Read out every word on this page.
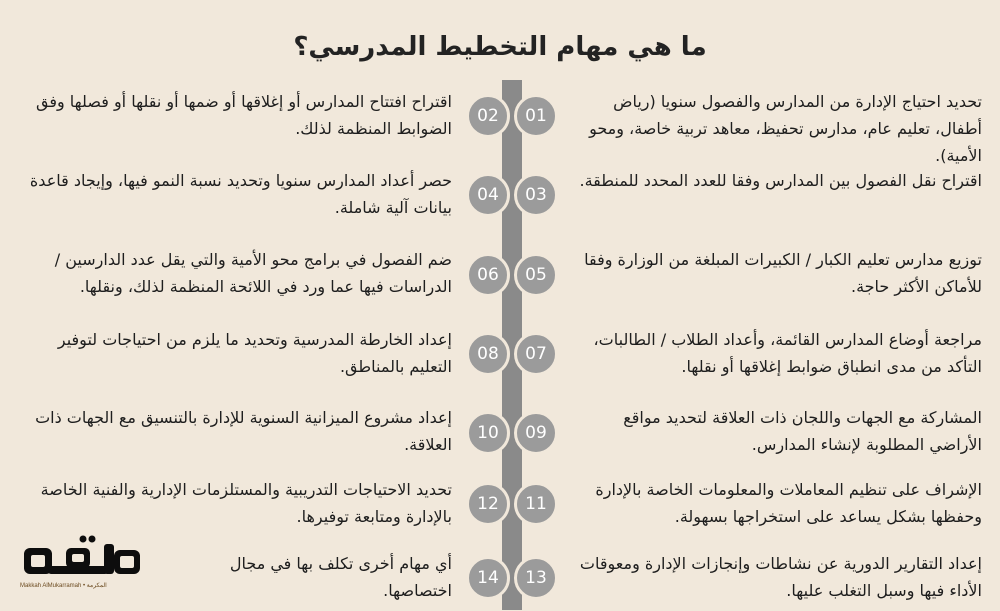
ما هي مهام التخطيط المدرسي؟
01
تحديد احتياج الإدارة من المدارس والفصول سنويا (رياض أطفال، تعليم عام، مدارس تحفيظ، معاهد تربية خاصة، ومحو الأمية).
02
اقتراح افتتاح المدارس أو إغلاقها أو ضمها أو نقلها أو فصلها وفق الضوابط المنظمة لذلك.
03
اقتراح نقل الفصول بين المدارس وفقا للعدد المحدد للمنطقة.
04
حصر أعداد المدارس سنويا وتحديد نسبة النمو فيها، وإيجاد قاعدة بيانات آلية شاملة.
05
توزيع مدارس تعليم الكبار / الكبيرات المبلغة من الوزارة وفقا للأماكن الأكثر حاجة.
06
ضم الفصول في برامج محو الأمية والتي يقل عدد الدارسين / الدراسات فيها عما ورد في اللائحة المنظمة لذلك، ونقلها.
07
مراجعة أوضاع المدارس القائمة، وأعداد الطلاب / الطالبات، التأكد من مدى انطباق ضوابط إغلاقها أو نقلها.
08
إعداد الخارطة المدرسية وتحديد ما يلزم من احتياجات لتوفير التعليم بالمناطق.
09
المشاركة مع الجهات واللجان ذات العلاقة لتحديد مواقع الأراضي المطلوبة لإنشاء المدارس.
10
إعداد مشروع الميزانية السنوية للإدارة بالتنسيق مع الجهات ذات العلاقة.
11
الإشراف على تنظيم المعاملات والمعلومات الخاصة بالإدارة وحفظها بشكل يساعد على استخراجها بسهولة.
12
تحديد الاحتياجات التدريبية والمستلزمات الإدارية والفنية الخاصة بالإدارة ومتابعة توفيرها.
13
إعداد التقارير الدورية عن نشاطات وإنجازات الإدارة ومعوقات الأداء فيها وسبل التغلب عليها.
14
أي مهام أخرى تكلف بها في مجال اختصاصها.
Makkah AlMukarramah • المكرمة
